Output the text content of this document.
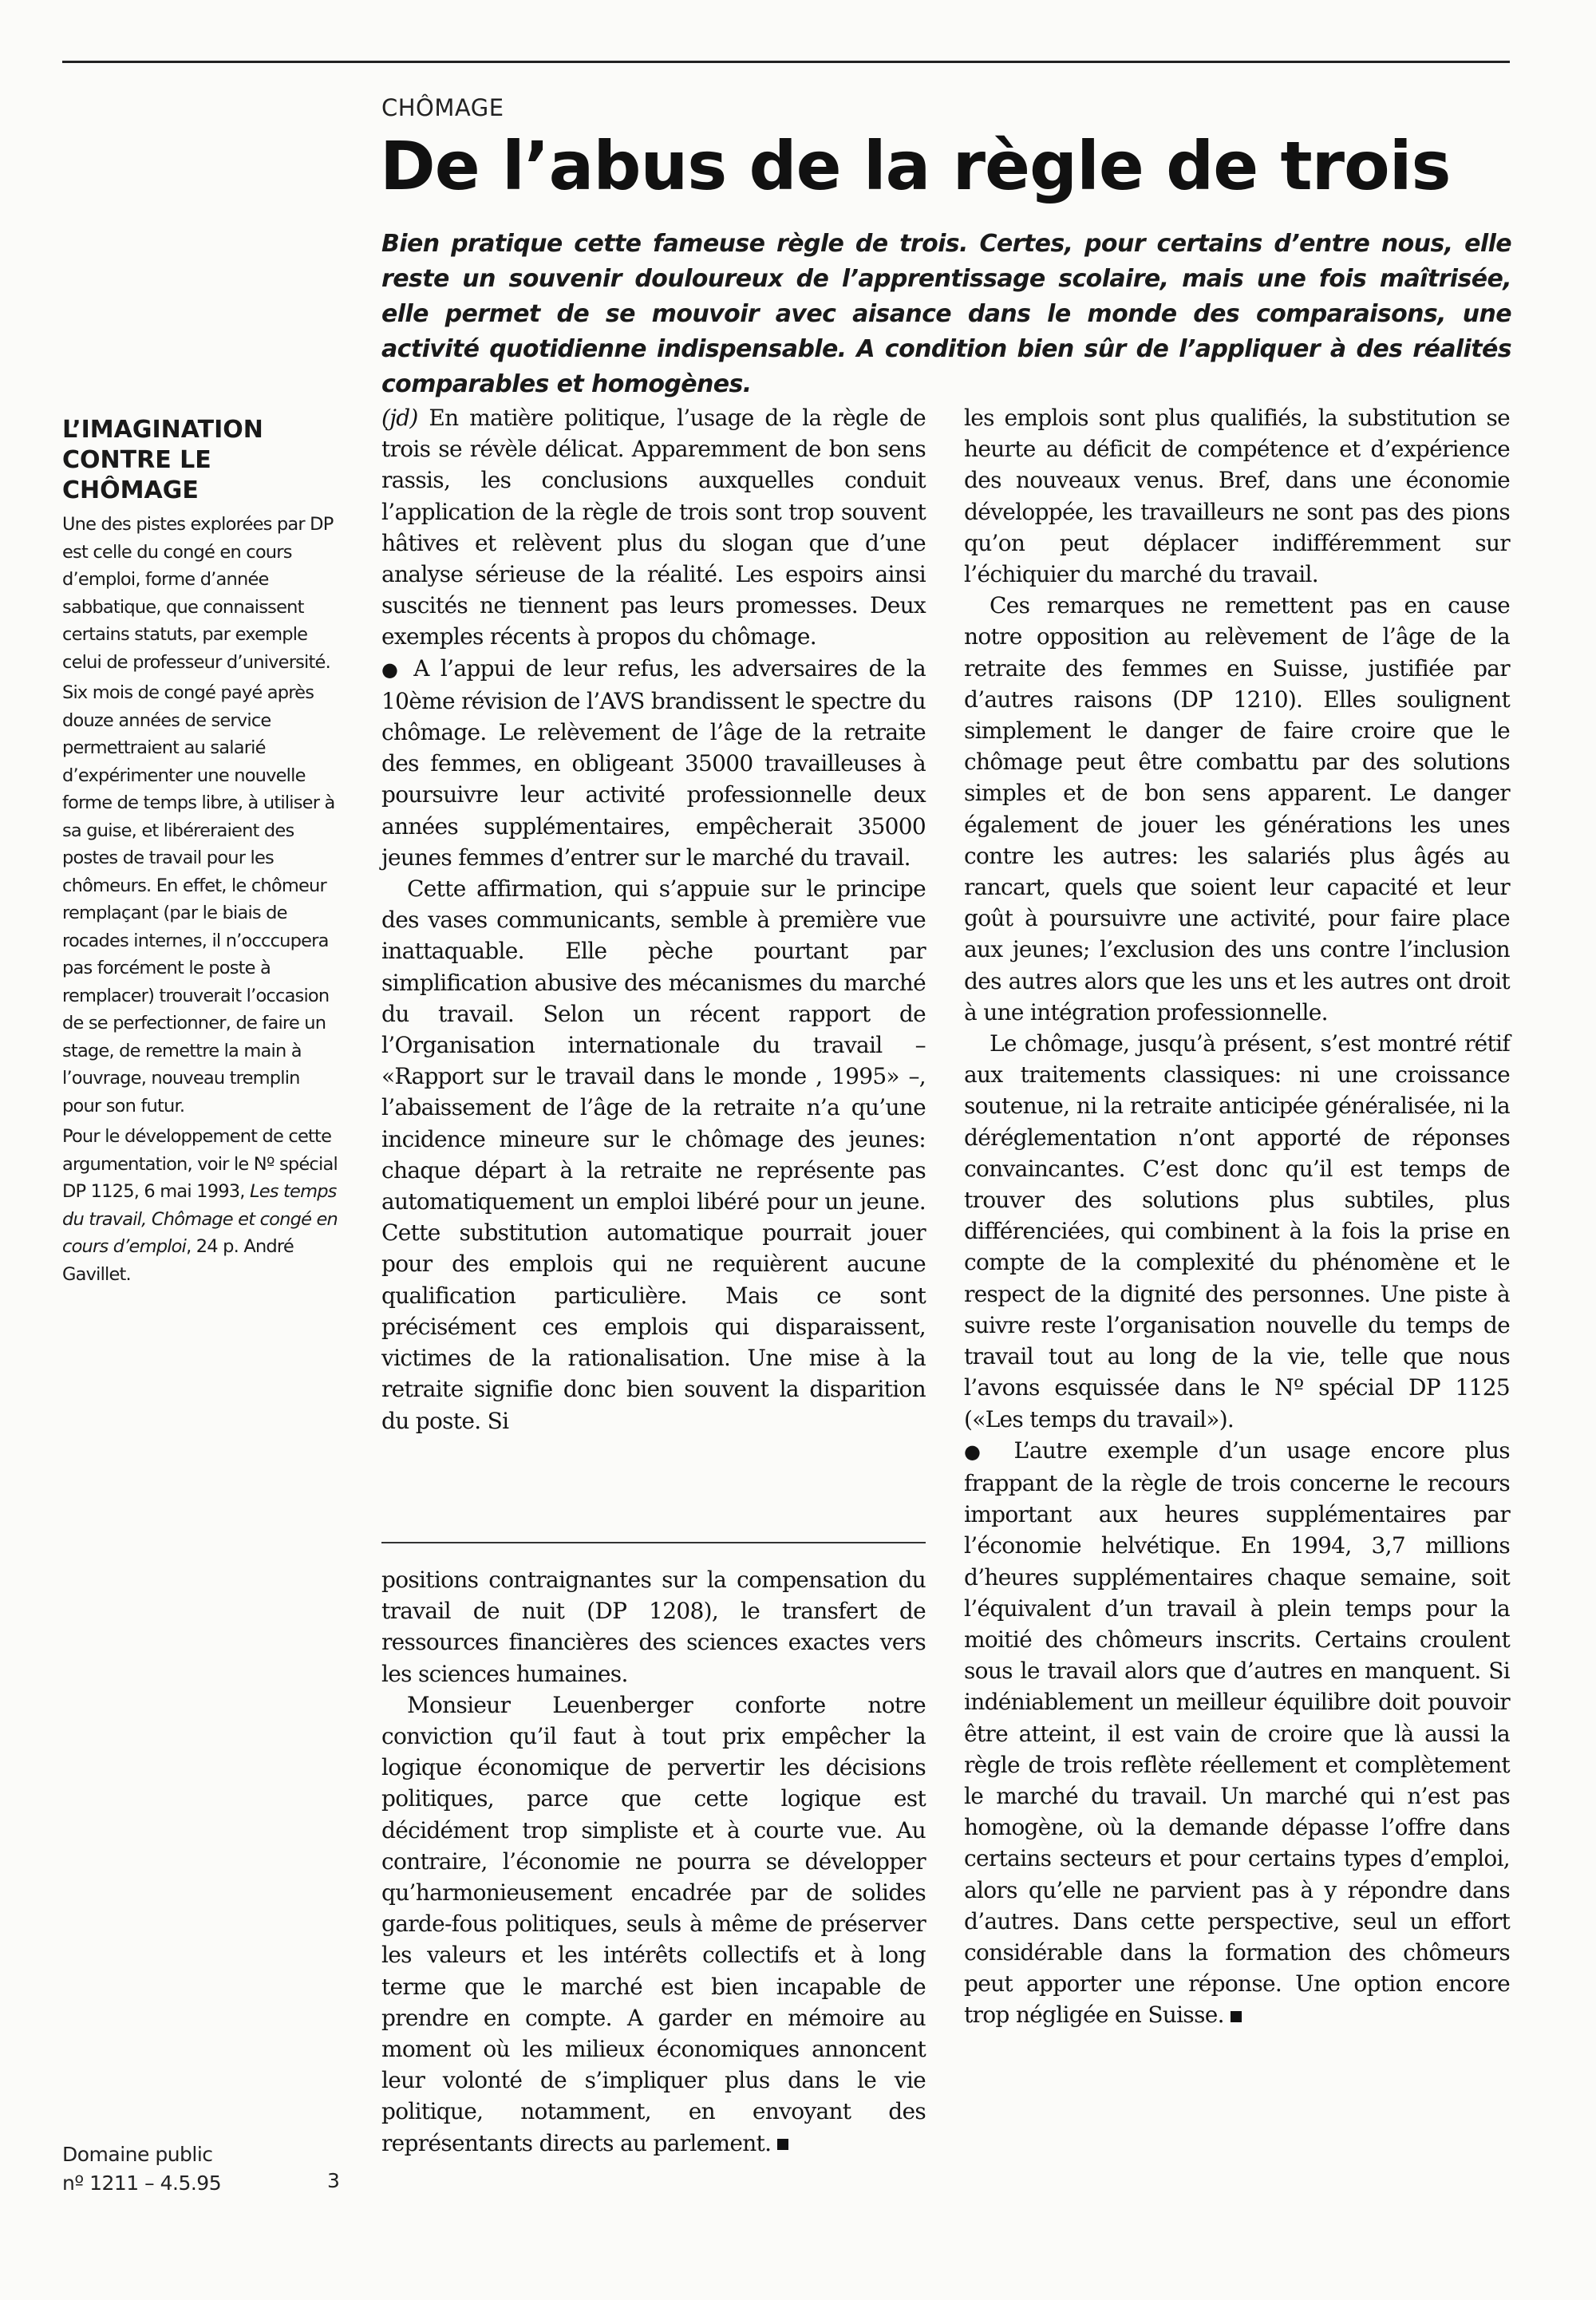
CHÔMAGE
De l’abus de la règle de trois

Bien pratique cette fameuse règle de trois. Certes, pour certains d’entre nous, elle reste un souvenir douloureux de l’apprentissage scolaire, mais une fois maîtrisée, elle permet de se mouvoir avec aisance dans le monde des comparaisons, une activité quotidienne indispensable. A condition bien sûr de l’appliquer à des réalités comparables et homogènes.

L’IMAGINATION CONTRE LE CHÔMAGE

Une des pistes explorées par DP est celle du congé en cours d’emploi, forme d’année sabbatique, que connaissent certains statuts, par exemple celui de professeur d’université.

Six mois de congé payé après douze années de service permettraient au salarié d’expérimenter une nouvelle forme de temps libre, à utiliser à sa guise, et libéreraient des postes de travail pour les chômeurs. En effet, le chômeur remplaçant (par le biais de rocades internes, il n’occcupera pas forcément le poste à remplacer) trouverait l’occasion de se perfectionner, de faire un stage, de remettre la main à l’ouvrage, nouveau tremplin pour son futur.

Pour le développement de cette argumentation, voir le Nº spécial DP 1125, 6 mai 1993, Les temps du travail, Chômage et congé en cours d’emploi, 24 p. André Gavillet.

(jd) En matière politique, l’usage de la règle de trois se révèle délicat. Apparemment de bon sens rassis, les conclusions auxquelles conduit l’application de la règle de trois sont trop souvent hâtives et relèvent plus du slogan que d’une analyse sérieuse de la réalité. Les espoirs ainsi suscités ne tiennent pas leurs promesses. Deux exemples récents à propos du chômage.

● A l’appui de leur refus, les adversaires de la 10ème révision de l’AVS brandissent le spectre du chômage. Le relèvement de l’âge de la retraite des femmes, en obligeant 35000 travailleuses à poursuivre leur activité professionnelle deux années supplémentaires, empêcherait 35000 jeunes femmes d’entrer sur le marché du travail.

Cette affirmation, qui s’appuie sur le principe des vases communicants, semble à première vue inattaquable. Elle pèche pourtant par simplification abusive des mécanismes du marché du travail. Selon un récent rapport de l’Organisation internationale du travail – «Rapport sur le travail dans le monde , 1995» –, l’abaissement de l’âge de la retraite n’a qu’une incidence mineure sur le chômage des jeunes: chaque départ à la retraite ne représente pas automatiquement un emploi libéré pour un jeune. Cette substitution automatique pourrait jouer pour des emplois qui ne requièrent aucune qualification particulière. Mais ce sont précisément ces emplois qui disparaissent, victimes de la rationalisation. Une mise à la retraite signifie donc bien souvent la disparition du poste. Si

positions contraignantes sur la compensation du travail de nuit (DP 1208), le transfert de ressources financières des sciences exactes vers les sciences humaines.

Monsieur Leuenberger conforte notre conviction qu’il faut à tout prix empêcher la logique économique de pervertir les décisions politiques, parce que cette logique est décidément trop simpliste et à courte vue. Au contraire, l’économie ne pourra se développer qu’harmonieusement encadrée par de solides garde-fous politiques, seuls à même de préserver les valeurs et les intérêts collectifs et à long terme que le marché est bien incapable de prendre en compte. A garder en mémoire au moment où les milieux économiques annoncent leur volonté de s’impliquer plus dans le vie politique, notamment, en envoyant des représentants directs au parlement.

les emplois sont plus qualifiés, la substitution se heurte au déficit de compétence et d’expérience des nouveaux venus. Bref, dans une économie développée, les travailleurs ne sont pas des pions qu’on peut déplacer indifféremment sur l’échiquier du marché du travail.

Ces remarques ne remettent pas en cause notre opposition au relèvement de l’âge de la retraite des femmes en Suisse, justifiée par d’autres raisons (DP 1210). Elles soulignent simplement le danger de faire croire que le chômage peut être combattu par des solutions simples et de bon sens apparent. Le danger également de jouer les générations les unes contre les autres: les salariés plus âgés au rancart, quels que soient leur capacité et leur goût à poursuivre une activité, pour faire place aux jeunes; l’exclusion des uns contre l’inclusion des autres alors que les uns et les autres ont droit à une intégration professionnelle.

Le chômage, jusqu’à présent, s’est montré rétif aux traitements classiques: ni une croissance soutenue, ni la retraite anticipée généralisée, ni la déréglementation n’ont apporté de réponses convaincantes. C’est donc qu’il est temps de trouver des solutions plus subtiles, plus différenciées, qui combinent à la fois la prise en compte de la complexité du phénomène et le respect de la dignité des personnes. Une piste à suivre reste l’organisation nouvelle du temps de travail tout au long de la vie, telle que nous l’avons esquissée dans le Nº spécial DP 1125 («Les temps du travail»).

● L’autre exemple d’un usage encore plus frappant de la règle de trois concerne le recours important aux heures supplémentaires par l’économie helvétique. En 1994, 3,7 millions d’heures supplémentaires chaque semaine, soit l’équivalent d’un travail à plein temps pour la moitié des chômeurs inscrits. Certains croulent sous le travail alors que d’autres en manquent. Si indéniablement un meilleur équilibre doit pouvoir être atteint, il est vain de croire que là aussi la règle de trois reflète réellement et complètement le marché du travail. Un marché qui n’est pas homogène, où la demande dépasse l’offre dans certains secteurs et pour certains types d’emploi, alors qu’elle ne parvient pas à y répondre dans d’autres. Dans cette perspective, seul un effort considérable dans la formation des chômeurs peut apporter une réponse. Une option encore trop négligée en Suisse.

Domaine public
nº 1211 – 4.5.95	3
